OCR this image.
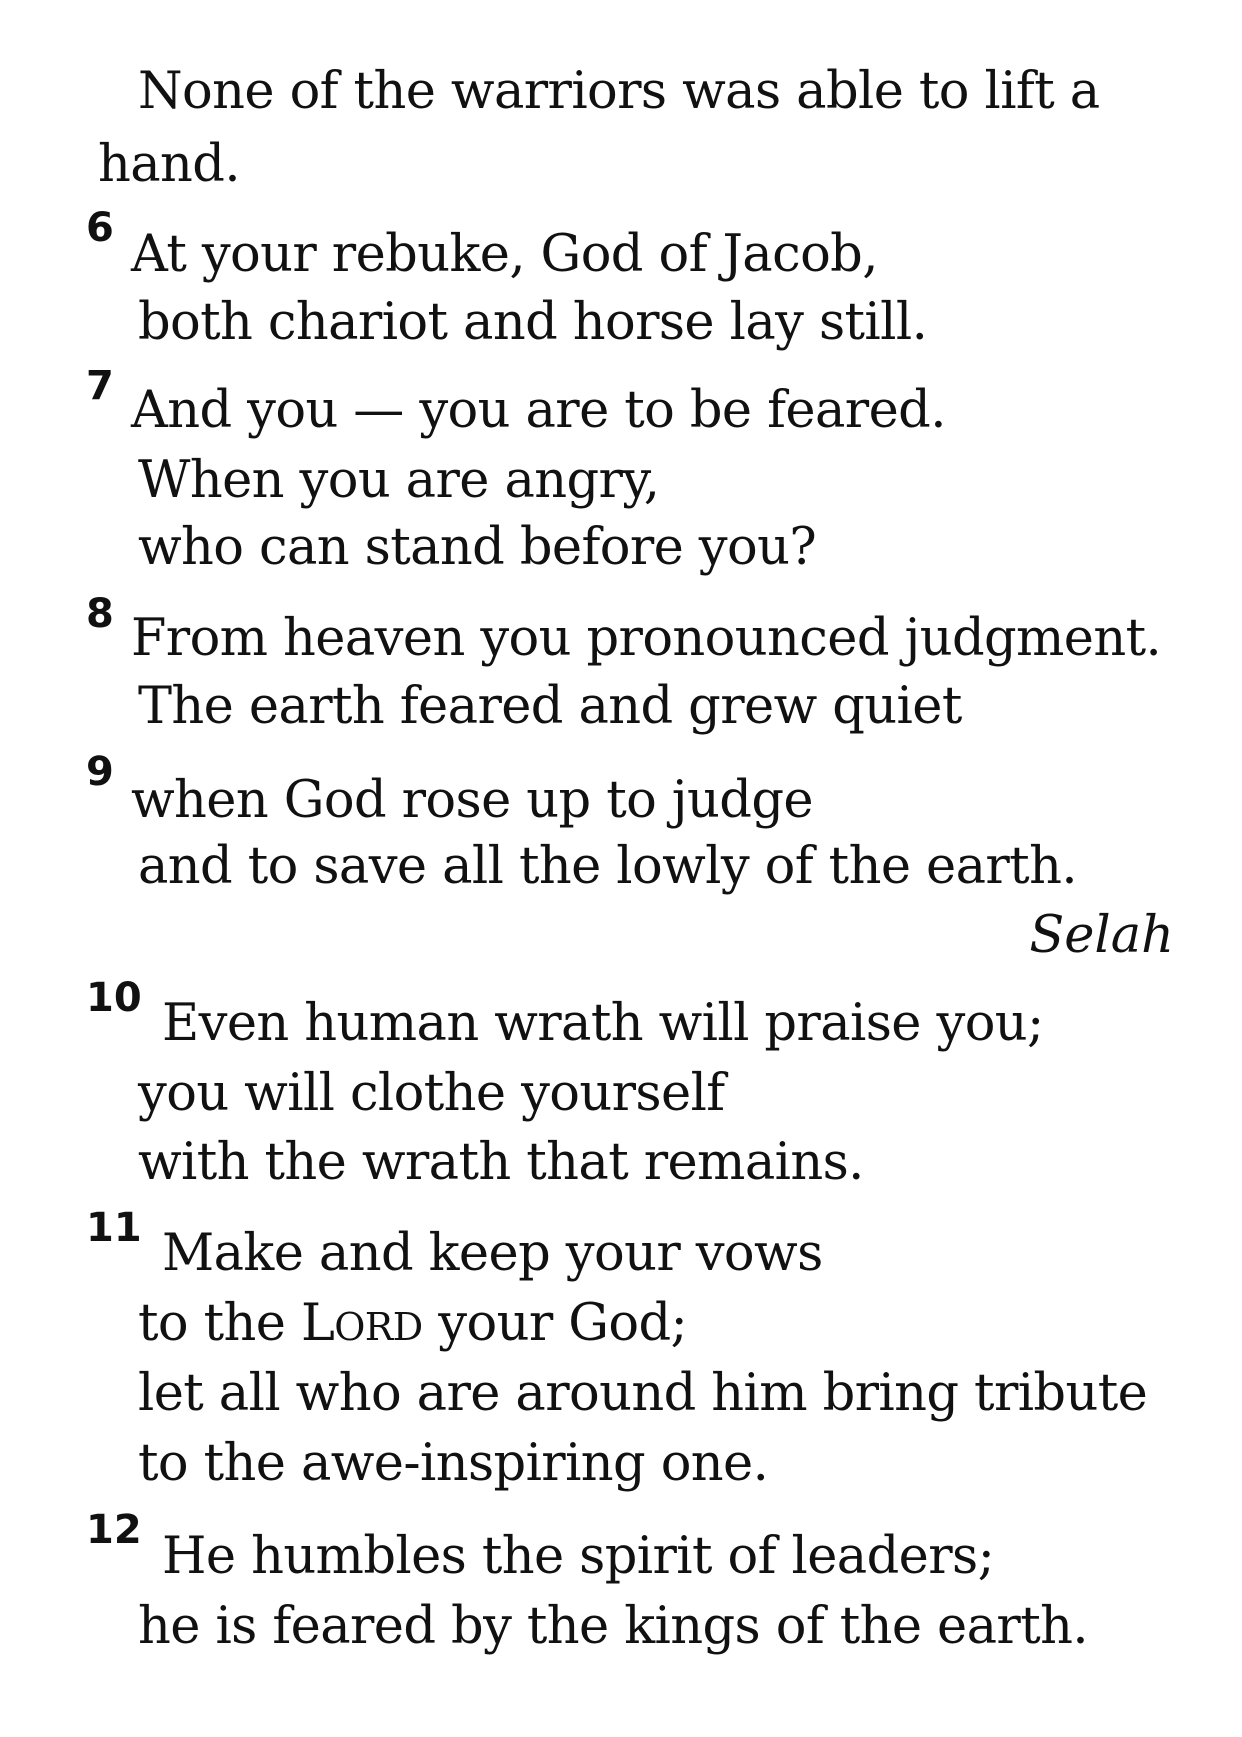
None of the warriors was able to lift a
hand.
6 At your rebuke, God of Jacob,
both chariot and horse lay still.
7 And you — you are to be feared.
When you are angry,
who can stand before you?
8 From heaven you pronounced judgment.
The earth feared and grew quiet
9 when God rose up to judge
and to save all the lowly of the earth.
Selah
10 Even human wrath will praise you;
you will clothe yourself
with the wrath that remains.
11 Make and keep your vows
to the LORD your God;
let all who are around him bring tribute
to the awe-inspiring one.
12 He humbles the spirit of leaders;
he is feared by the kings of the earth.
